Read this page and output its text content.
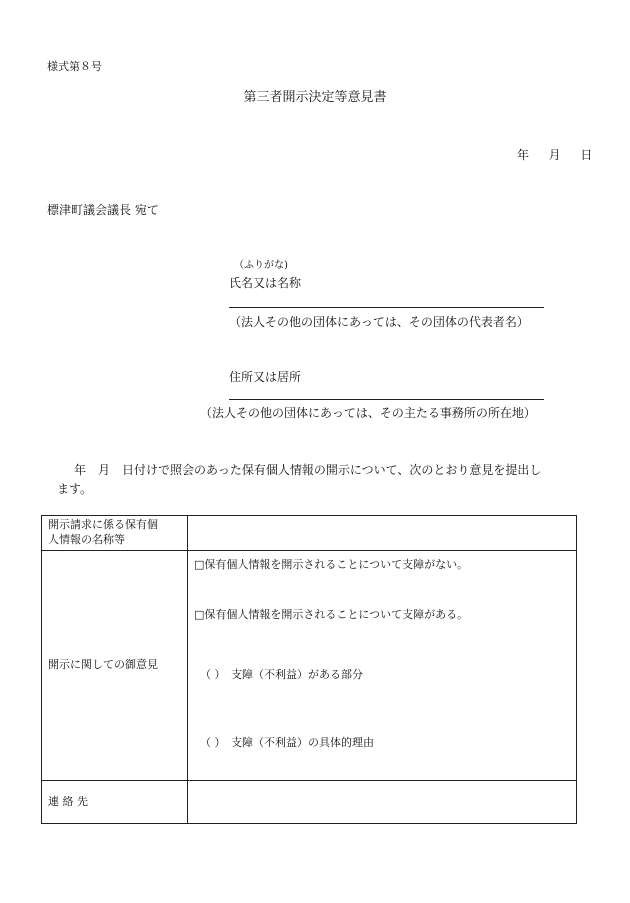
様式第８号
第三者開示決定等意見書
年 月 日
標津町議会議長 宛て
（ふりがな)
氏名又は名称
（法人その他の団体にあっては、その団体の代表者名）
住所又は居所
（法人その他の団体にあっては、その主たる事務所の所在地）
年　月　日付けで照会のあった保有個人情報の開示について、次のとおり意見を提出し
ます。
開示請求に係る保有個
人情報の名称等	

開示に関しての御意見	□保有個人情報を開示されることについて支障がない。
□保有個人情報を開示されることについて支障がある。
（ ）　支障（不利益）がある部分
（ ）　支障（不利益）の具体的理由

連 絡 先	
